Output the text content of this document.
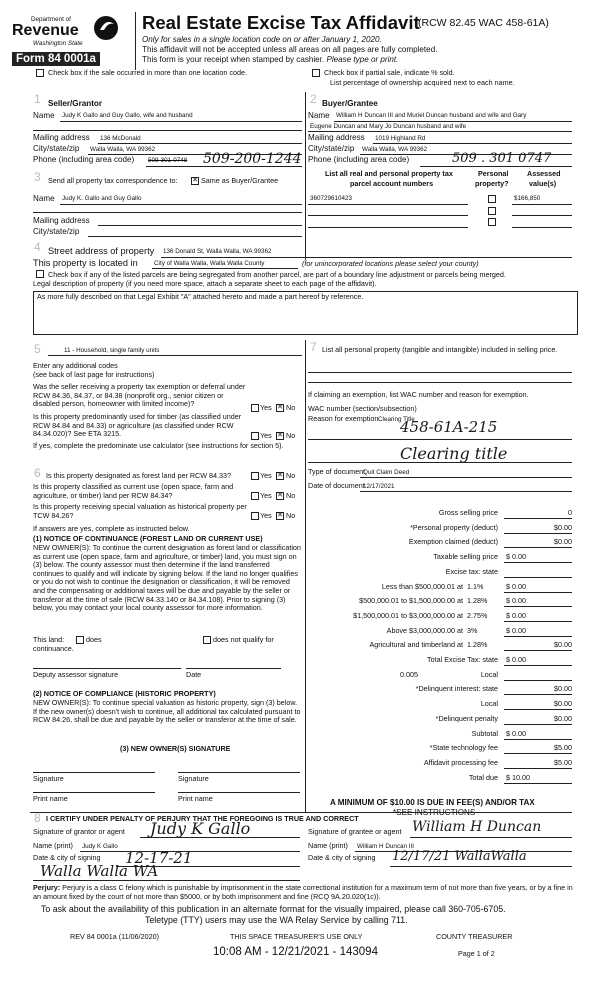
Department of
Revenue
Washington State
Form 84 0001a
Real Estate Excise Tax Affidavit
(RCW 82.45 WAC 458-61A)
Only for sales in a single location code on or after January 1, 2020.
This affidavit will not be accepted unless all areas on all pages are fully completed.
This form is your receipt when stamped by cashier. Please type or print.
Check box if the sale occurred in more than one location code.	Check box if partial sale, indicate % sold.
List percentage of ownership acquired next to each name.
1 Seller/Grantor
Name Judy K Gallo and Guy Gallo, wife and husband
Mailing address 136 McDonald
City/state/zip Walla Walla, WA 99362
Phone (including area code) 509-301-0748 509-200-1244
2 Buyer/Grantee
Name William H Duncan III and Muriel Duncan husband and wife and Gary
Eugene Duncan and Mary Jo Duncan husband and wife
Mailing address 1019 Highland Rd
City/state/zip Walla Walla, WA 99362
Phone (including area code)	509 . 301 0747
3 Send all property tax correspondence to: ✕ Same as Buyer/Grantee
Name Judy K. Gallo and Guy Gallo
Mailing address
City/state/zip
List all real and personal property tax
parcel account numbers
Personal
property?
Assessed
value(s)
360729610423	$166,850
4 Street address of property 136 Donald St, Walla Walla, WA 99362
This property is located in	City of Walla Walla, Walla Walla County	(for unincorporated locations please select your county)
Check box if any of the listed parcels are being segregated from another parcel, are part of a boundary line adjustment or parcels being merged.
Legal description of property (if you need more space, attach a separate sheet to each page of the affidavit).
As more fully described on that Legal Exhibit "A" attached hereto and made a part hereof by reference.
5	11 - Household, single family units
Enter any additional codes
(see back of last page for instructions)
Was the seller receiving a property tax exemption or deferral under RCW 84.36, 84.37, or 84.38 (nonprofit org., senior citizen or disabled person, homeowner with limited income)?	Yes ✕ No
Is this property predominantly used for timber (as classified under RCW 84.84 and 84.33) or agriculture (as classified under RCW 84.34.020)? See ETA 3215.	Yes ✕ No
If yes, complete the predominate use calculator (see instructions for section 5).
6 Is this property designated as forest land per RCW 84.33?	Yes ✕ No
Is this property classified as current use (open space, farm and agriculture, or timber) land per RCW 84.34?	Yes ✕ No
Is this property receiving special valuation as historical property per TCW 84.26?	Yes ✕ No
If answers are yes, complete as instructed below.
(1) NOTICE OF CONTINUANCE (FOREST LAND OR CURRENT USE)
NEW OWNER(S): To continue the current designation as forest land or classification as current use (open space, farm and agriculture, or timber) land, you must sign on (3) below. The county assessor must then determine if the land transferred continues to qualify and will indicate by signing below. If the land no longer qualifies or you do not wish to continue the designation or classification, it will be removed and the compensating or additional taxes will be due and payable by the seller or transferor at the time of sale (RCW 84.33.140 or 84.34.108). Prior to signing (3) below, you may contact your local county assessor for more information.
This land:	does	does not qualify for
continuance.
Deputy assessor signature	Date
(2) NOTICE OF COMPLIANCE (HISTORIC PROPERTY)
NEW OWNER(S): To continue special valuation as historic property, sign (3) below. If the new owner(s) doesn't wish to continue, all additional tax calculated pursuant to RCW 84.26, shall be due and payable by the seller or transferor at the time of sale.
(3) NEW OWNER(S) SIGNATURE
Signature	Signature
Print name	Print name
7 List all personal property (tangible and intangible) included in selling price.
If claiming an exemption, list WAC number and reason for exemption.
WAC number (section/subsection)
Reason for exemption Clearing Title
458-61A-215
Clearing title
Type of document
Quit Claim Deed
Date of document
12/17/2021
Gross selling price	0
*Personal property (deduct)	$0.00
Exemption claimed (deduct)	$0.00
Taxable selling price $ 0.00
Excise tax: state
Less than $500,000.01 at 1.1%	$ 0.00
$500,000.01 to $1,500,000.00 at 1.28%	$ 0.00
$1,500,000.01 to $3,000,000.00 at 2.75%	$ 0.00
Above $3,000,000.00 at 3%	$ 0.00
Agricultural and timberland at 1.28%	$0.00
Total Excise Tax: state $ 0.00
Local
0.005
*Delinquent interest: state	$0.00
Local	$0.00
*Delinquent penalty	$0.00
Subtotal $ 0.00
*State technology fee	$5.00
Affidavit processing fee	$5.00
Total due $ 10.00
A MINIMUM OF $10.00 IS DUE IN FEE(S) AND/OR TAX
*SEE INSTRUCTIONS
8 I CERTIFY UNDER PENALTY OF PERJURY THAT THE FOREGOING IS TRUE AND CORRECT
Signature of grantor or agent Judy K Gallo
Name (print) Judy K Gallo
Date & city of signing 12-17-21
Walla Walla WA
Signature of grantee or agent William H Duncan
Name (print) William H Duncan III
Date & city of signing 12/17/21 WallaWalla
Perjury: Perjury is a class C felony which is punishable by imprisonment in the state correctional institution for a maximum term of not more than five years, or by a fine in an amount fixed by the court of not more than $5000, or by both imprisonment and fine (RCQ 9A.20.020(1c)).
To ask about the availability of this publication in an alternate format for the visually impaired, please call 360-705-6705.
Teletype (TTY) users may use the WA Relay Service by calling 711.
REV 84 0001a (11/06/2020)	THIS SPACE TREASURER'S USE ONLY	COUNTY TREASURER
10:08 AM - 12/21/2021 - 143094	Page 1 of 2
